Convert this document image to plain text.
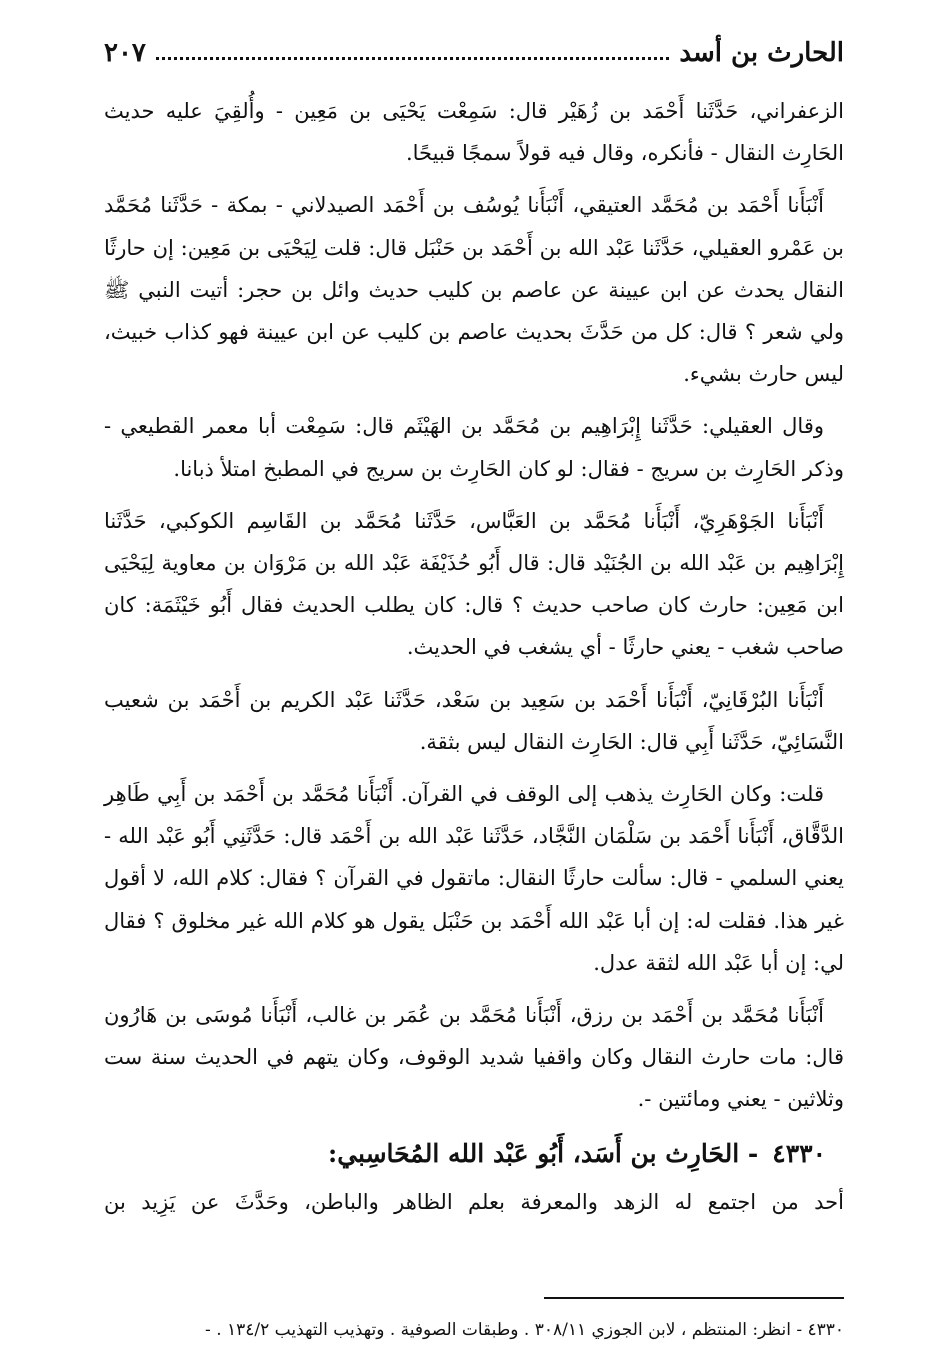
الحارث بن أسد
٢٠٧

الزعفراني، حَدَّثَنا أَحْمَد بن زُهَيْر قال: سَمِعْت يَحْيَى بن مَعِين - وأُلقِيَ عليه حديث الحَارِث النقال - فأنكره، وقال فيه قولاً سمجًا قبيحًا.

أَنْبَأَنا أَحْمَد بن مُحَمَّد العتيقي، أَنْبَأَنا يُوسُف بن أَحْمَد الصيدلاني - بمكة - حَدَّثَنا مُحَمَّد بن عَمْرو العقيلي، حَدَّثَنا عَبْد الله بن أَحْمَد بن حَنْبَل قال: قلت لِيَحْيَى بن مَعِين: إن حارثًا النقال يحدث عن ابن عيينة عن عاصم بن كليب حديث وائل بن حجر: أتيت النبي ﷺ ولي شعر ؟ قال: كل من حَدَّثَ بحديث عاصم بن كليب عن ابن عيينة فهو كذاب خبيث، ليس حارث بشيء.

وقال العقيلي: حَدَّثَنا إِبْرَاهِيم بن مُحَمَّد بن الهَيْثَم قال: سَمِعْت أبا معمر القطيعي - وذكر الحَارِث بن سريج - فقال: لو كان الحَارِث بن سريج في المطبخ امتلأ ذبانا.

أَنْبَأَنا الجَوْهَرِيّ، أَنْبَأَنا مُحَمَّد بن العَبَّاس، حَدَّثَنا مُحَمَّد بن القَاسِم الكوكبي، حَدَّثَنا إِبْرَاهِيم بن عَبْد الله بن الجُنَيْد قال: قال أَبُو حُذَيْفَة عَبْد الله بن مَرْوَان بن معاوية لِيَحْيَى ابن مَعِين: حارث كان صاحب حديث ؟ قال: كان يطلب الحديث فقال أَبُو خَيْثَمَة: كان صاحب شغب - يعني حارثًا - أي يشغب في الحديث.

أَنْبَأَنا البُرْقَانِيّ، أَنْبَأَنا أَحْمَد بن سَعِيد بن سَعْد، حَدَّثَنا عَبْد الكريم بن أَحْمَد بن شعيب النَّسَائِيّ، حَدَّثَنا أَبِي قال: الحَارِث النقال ليس بثقة.

قلت: وكان الحَارِث يذهب إلى الوقف في القرآن. أَنْبَأَنا مُحَمَّد بن أَحْمَد بن أَبِي طَاهِر الدَّقَّاق، أَنْبَأَنا أَحْمَد بن سَلْمَان النَّجَّاد، حَدَّثَنا عَبْد الله بن أَحْمَد قال: حَدَّثَنِي أَبُو عَبْد الله - يعني السلمي - قال: سألت حارثًا النقال: ماتقول في القرآن ؟ فقال: كلام الله، لا أقول غير هذا. فقلت له: إن أبا عَبْد الله أَحْمَد بن حَنْبَل يقول هو كلام الله غير مخلوق ؟ فقال لي: إن أبا عَبْد الله لثقة عدل.

أَنْبَأَنا مُحَمَّد بن أَحْمَد بن رزق، أَنْبَأَنا مُحَمَّد بن عُمَر بن غالب، أَنْبَأَنا مُوسَى بن هَارُون قال: مات حارث النقال وكان واقفيا شديد الوقوف، وكان يتهم في الحديث سنة ست وثلاثين - يعني ومائتين -.

٤٣٣٠- الحَارِث بن أَسَد، أَبُو عَبْد الله المُحَاسِبي:

أحد من اجتمع له الزهد والمعرفة بعلم الظاهر والباطن، وحَدَّثَ عن يَزِيد بن

٤٣٣٠ - انظر: المنتظم ، لابن الجوزي ٣٠٨/١١ . وطبقات الصوفية . وتهذيب التهذيب ١٣٤/٢ . -
